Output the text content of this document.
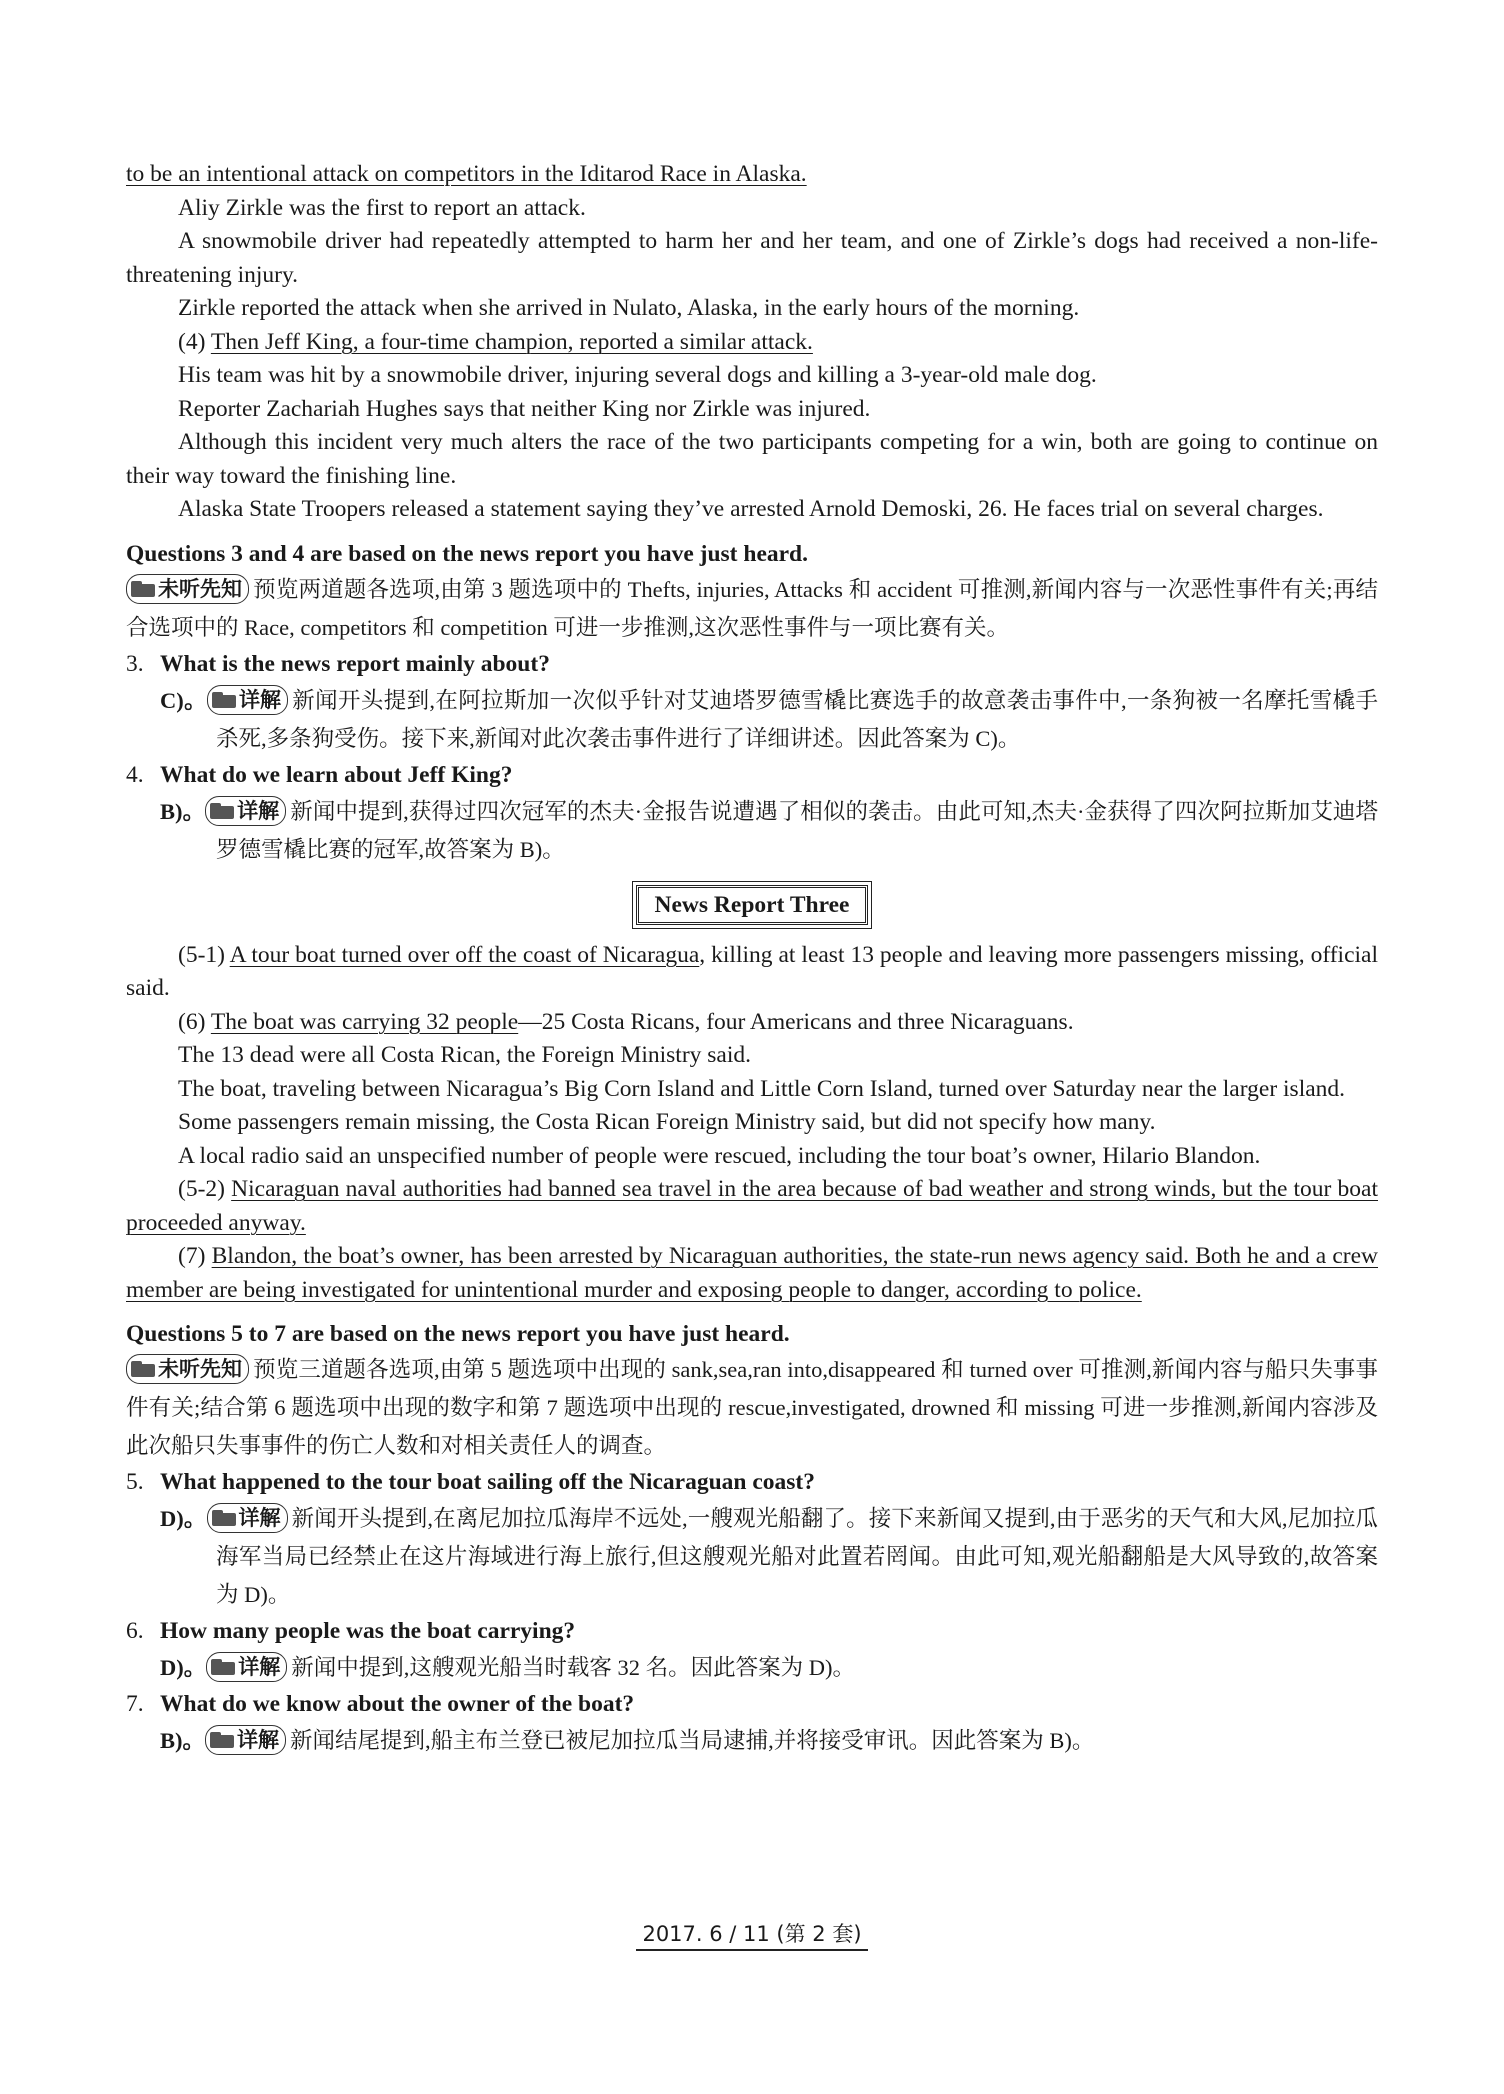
to be an intentional attack on competitors in the Iditarod Race in Alaska.

Aliy Zirkle was the first to report an attack.

A snowmobile driver had repeatedly attempted to harm her and her team, and one of Zirkle’s dogs had received a non-life-threatening injury.

Zirkle reported the attack when she arrived in Nulato, Alaska, in the early hours of the morning.

(4) Then Jeff King, a four-time champion, reported a similar attack.

His team was hit by a snowmobile driver, injuring several dogs and killing a 3-year-old male dog.

Reporter Zachariah Hughes says that neither King nor Zirkle was injured.

Although this incident very much alters the race of the two participants competing for a win, both are going to continue on their way toward the finishing line.

Alaska State Troopers released a statement saying they’ve arrested Arnold Demoski, 26. He faces trial on several charges.

Questions 3 and 4 are based on the news report you have just heard.

未听先知 预览两道题各选项,由第 3 题选项中的 Thefts, injuries, Attacks 和 accident 可推测,新闻内容与一次恶性事件有关;再结合选项中的 Race, competitors 和 competition 可进一步推测,这次恶性事件与一项比赛有关。

3. What is the news report mainly about?

C)。 详解 新闻开头提到,在阿拉斯加一次似乎针对艾迪塔罗德雪橇比赛选手的故意袭击事件中,一条狗被一名摩托雪橇手杀死,多条狗受伤。接下来,新闻对此次袭击事件进行了详细讲述。因此答案为 C)。

4. What do we learn about Jeff King?

B)。 详解 新闻中提到,获得过四次冠军的杰夫·金报告说遭遇了相似的袭击。由此可知,杰夫·金获得了四次阿拉斯加艾迪塔罗德雪橇比赛的冠军,故答案为 B)。

News Report Three

(5-1) A tour boat turned over off the coast of Nicaragua, killing at least 13 people and leaving more passengers missing, official said.

(6) The boat was carrying 32 people—25 Costa Ricans, four Americans and three Nicaraguans.

The 13 dead were all Costa Rican, the Foreign Ministry said.

The boat, traveling between Nicaragua’s Big Corn Island and Little Corn Island, turned over Saturday near the larger island.

Some passengers remain missing, the Costa Rican Foreign Ministry said, but did not specify how many.

A local radio said an unspecified number of people were rescued, including the tour boat’s owner, Hilario Blandon.

(5-2) Nicaraguan naval authorities had banned sea travel in the area because of bad weather and strong winds, but the tour boat proceeded anyway.

(7) Blandon, the boat’s owner, has been arrested by Nicaraguan authorities, the state-run news agency said. Both he and a crew member are being investigated for unintentional murder and exposing people to danger, according to police.

Questions 5 to 7 are based on the news report you have just heard.

未听先知 预览三道题各选项,由第 5 题选项中出现的 sank,sea,ran into,disappeared 和 turned over 可推测,新闻内容与船只失事事件有关;结合第 6 题选项中出现的数字和第 7 题选项中出现的 rescue,investigated, drowned 和 missing 可进一步推测,新闻内容涉及此次船只失事事件的伤亡人数和对相关责任人的调查。

5. What happened to the tour boat sailing off the Nicaraguan coast?

D)。 详解 新闻开头提到,在离尼加拉瓜海岸不远处,一艘观光船翻了。接下来新闻又提到,由于恶劣的天气和大风,尼加拉瓜海军当局已经禁止在这片海域进行海上旅行,但这艘观光船对此置若罔闻。由此可知,观光船翻船是大风导致的,故答案为 D)。

6. How many people was the boat carrying?

D)。 详解 新闻中提到,这艘观光船当时载客 32 名。因此答案为 D)。

7. What do we know about the owner of the boat?

B)。 详解 新闻结尾提到,船主布兰登已被尼加拉瓜当局逮捕,并将接受审讯。因此答案为 B)。

2017. 6 / 11 (第 2 套)
